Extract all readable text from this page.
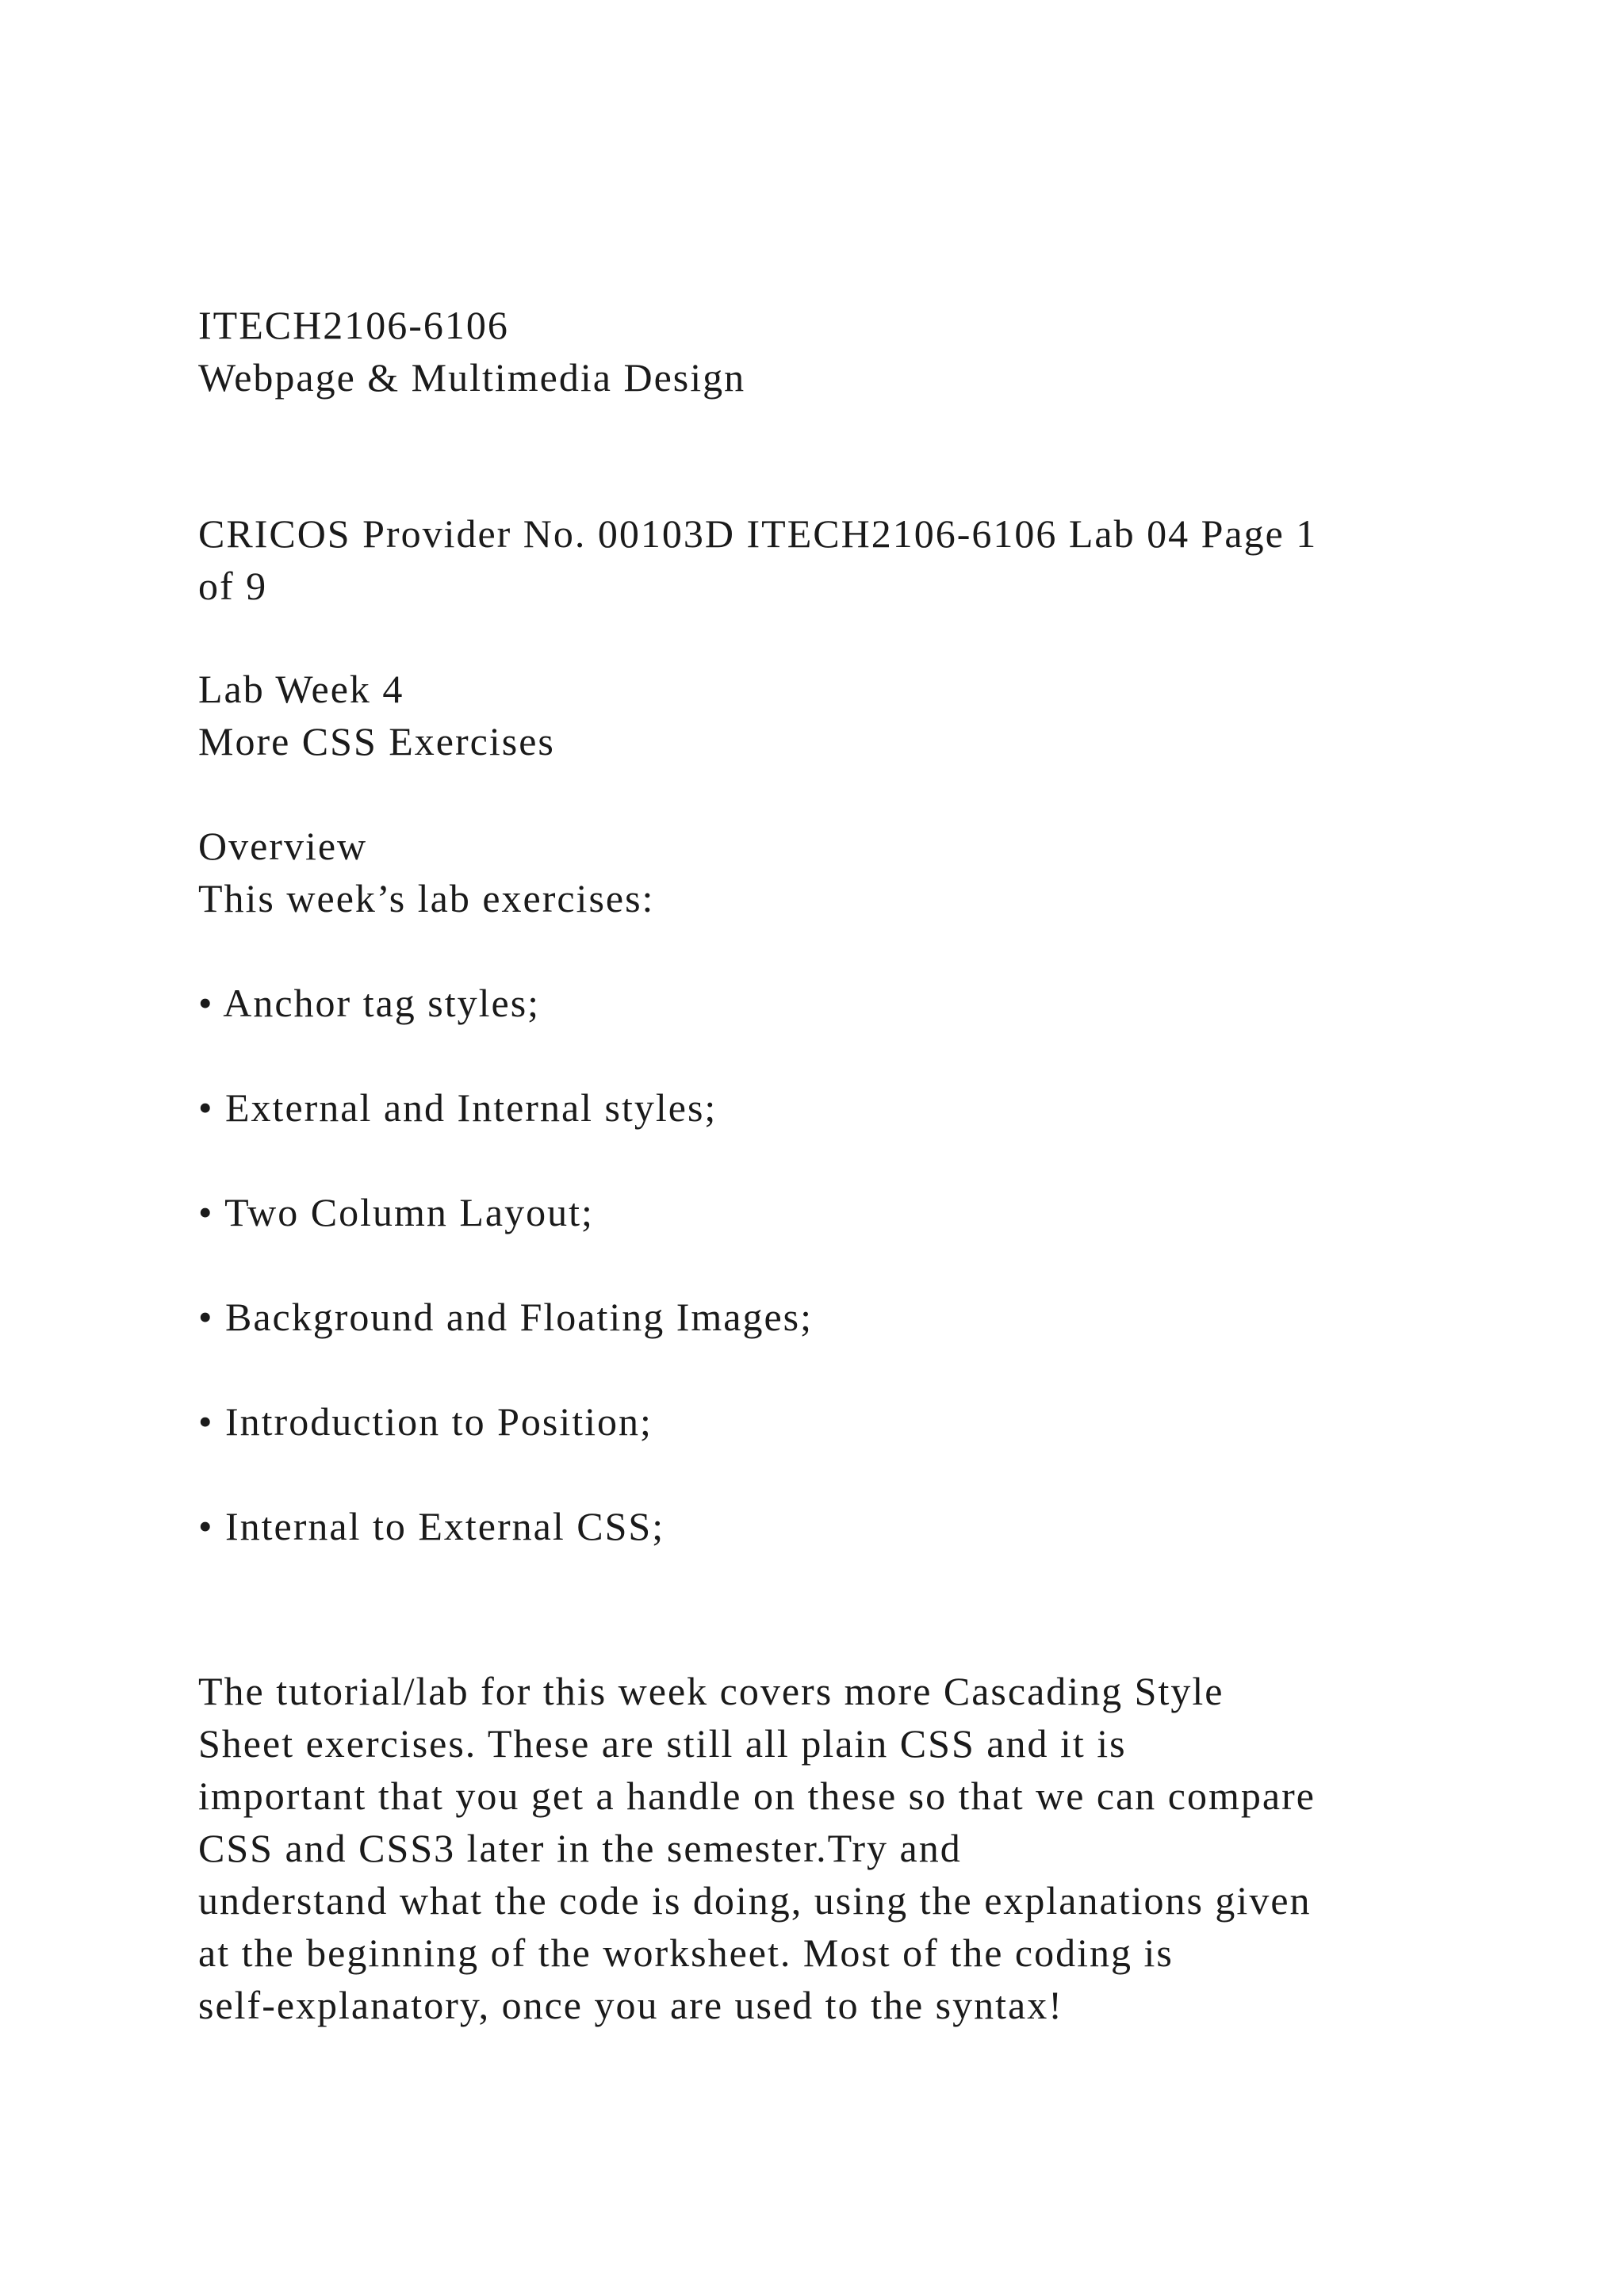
ITECH2106-6106

Webpage & Multimedia Design

CRICOS Provider No. 00103D ITECH2106-6106 Lab 04 Page 1

of 9

Lab Week 4

More CSS Exercises

Overview

This week’s lab exercises:

• Anchor tag styles;

• External and Internal styles;

• Two Column Layout;

• Background and Floating Images;

• Introduction to Position;

• Internal to External CSS;

The tutorial/lab for this week covers more Cascading Style

Sheet exercises. These are still all plain CSS and it is

important that you get a handle on these so that we can compare

CSS and CSS3 later in the semester.Try and

understand what the code is doing, using the explanations given

at the beginning of the worksheet. Most of the coding is

self-explanatory, once you are used to the syntax!
